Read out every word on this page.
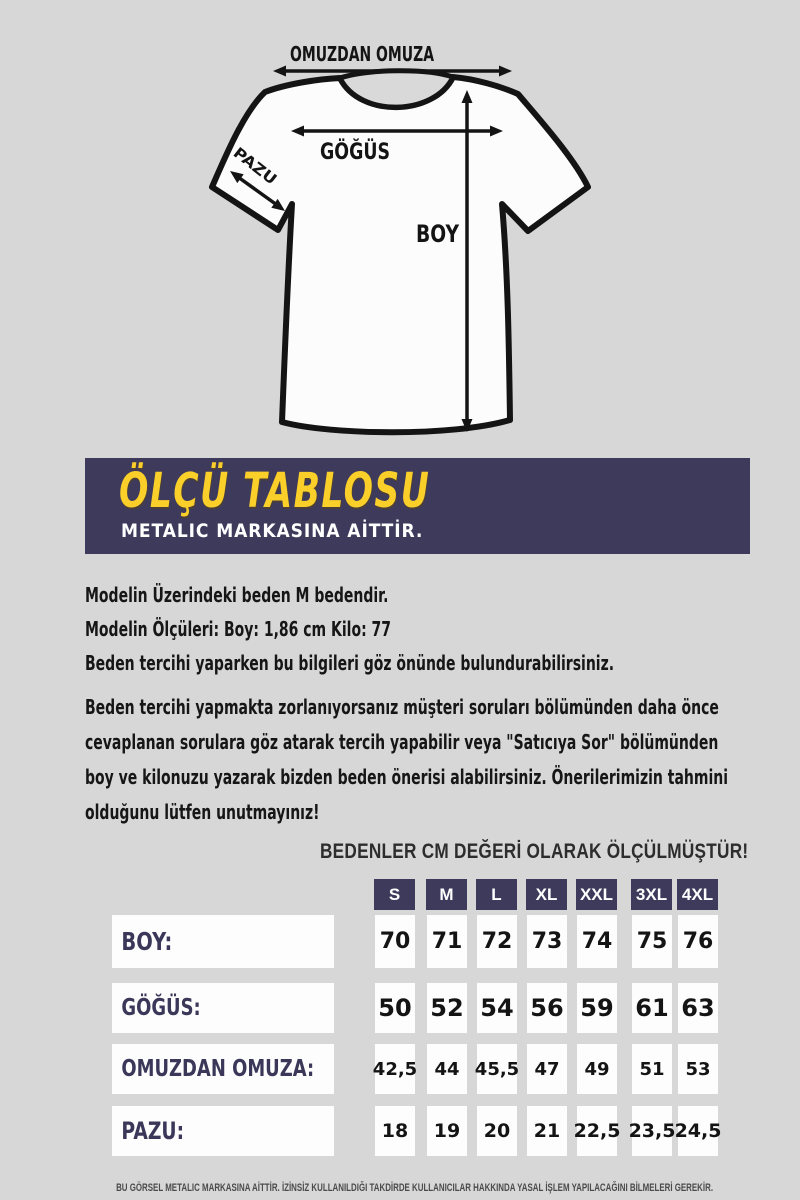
OMUZDAN OMUZA
GÖĞÜS
BOY
PAZU
ÖLÇÜ TABLOSU
METALIC MARKASINA AİTTİR.
Modelin Üzerindeki beden M bedendir.
Modelin Ölçüleri: Boy: 1,86 cm Kilo: 77
Beden tercihi yaparken bu bilgileri göz önünde bulundurabilirsiniz.
Beden tercihi yapmakta zorlanıyorsanız müşteri soruları bölümünden daha önce
cevaplanan sorulara göz atarak tercih yapabilir veya "Satıcıya Sor" bölümünden
boy ve kilonuzu yazarak bizden beden önerisi alabilirsiniz. Önerilerimizin tahmini
olduğunu lütfen unutmayınız!
BEDENLER CM DEĞERİ OLARAK ÖLÇÜLMÜŞTÜR!
S	M	L	XL	XXL 3XL 4XL
BOY:	70 71 72 73 74 75 76
GÖĞÜS:	50 52 54 56 59 61 63
OMUZDAN OMUZA:	42,5 44 45,5 47	49	51	53
PAZU:	18	19	20	21 22,5 23,5 24,5
BU GÖRSEL METALIC MARKASINA AİTTİR. İZİNSİZ KULLANILDIĞI TAKDİRDE KULLANICILAR HAKKINDA YASAL İŞLEM YAPILACAĞINI BİLMELERİ GEREKİR.
